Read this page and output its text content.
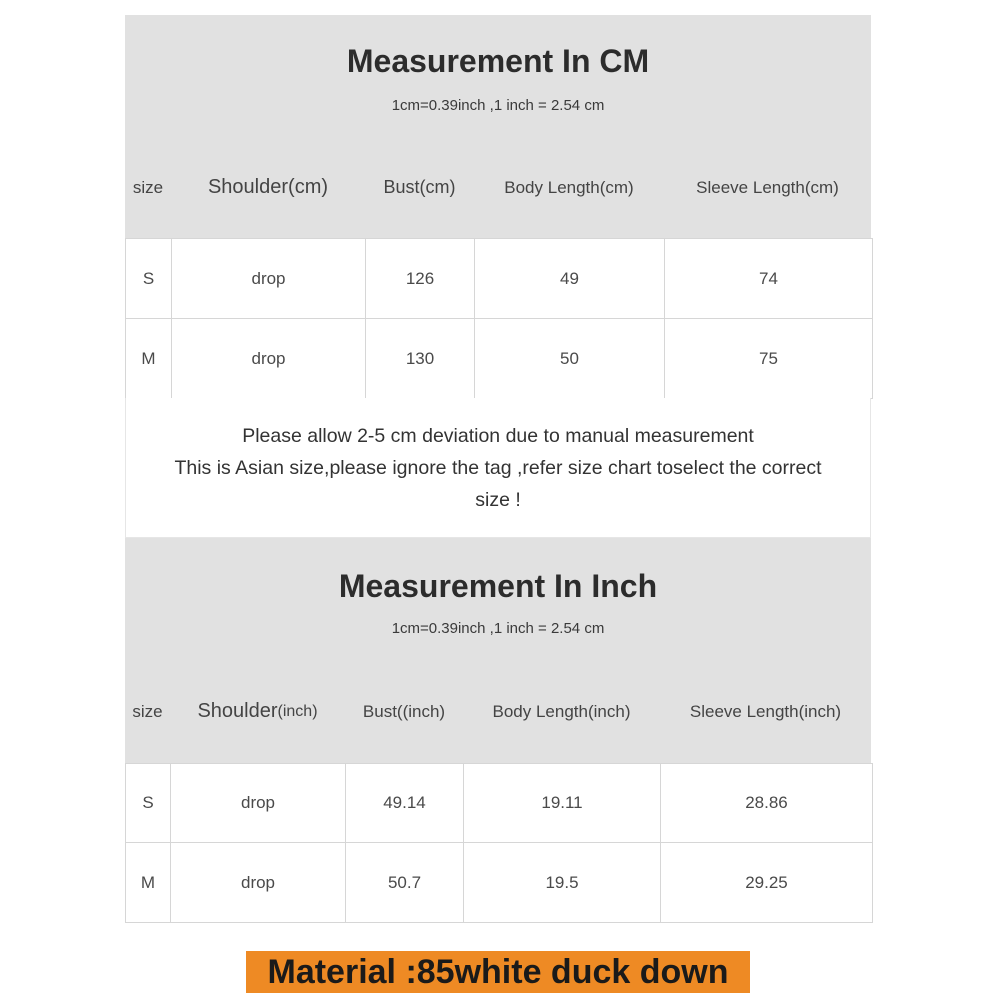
Measurement In CM
1cm=0.39inch ,1 inch = 2.54 cm
size	Shoulder(cm)	Bust(cm)	Body Length(cm)	Sleeve Length(cm)
S	drop	126	49	74
M	drop	130	50	75
Please allow 2-5 cm deviation due to manual measurement
This is Asian size,please ignore the tag ,refer size chart toselect the correct
size !
Measurement In Inch
1cm=0.39inch ,1 inch = 2.54 cm
size	Shoulder (inch)	Bust((inch)	Body Length(inch)	Sleeve Length(inch)
S	drop	49.14	19.11	28.86
M	drop	50.7	19.5	29.25
Material :85white duck down
